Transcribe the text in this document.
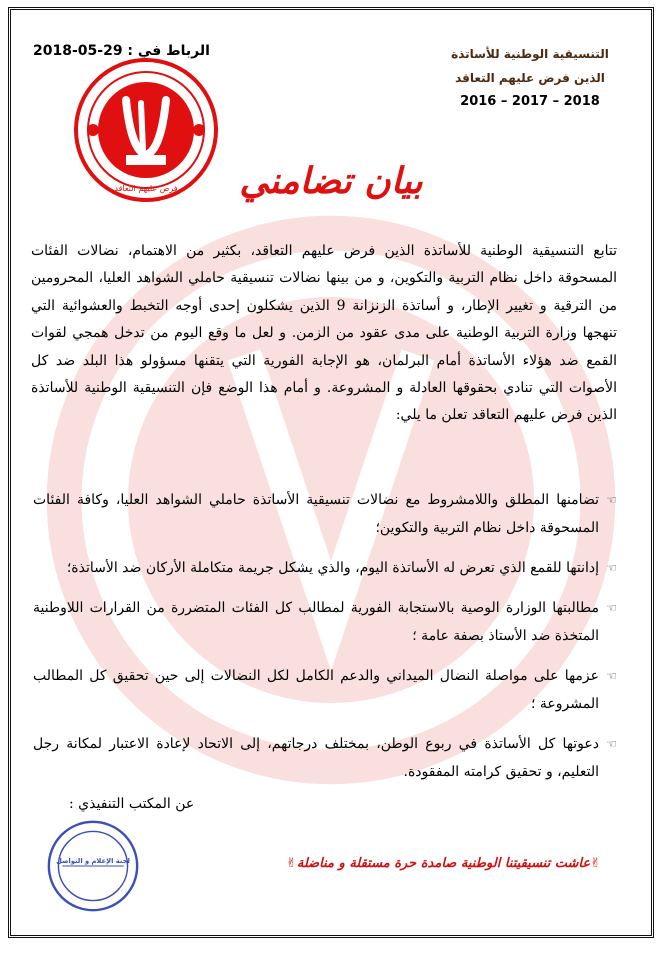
التنسيقية الوطنية للأساتذة
الذين فرض عليهم التعاقد
2016 – 2017 – 2018
الرباط في : 29-05-2018
فرض عليهم التعاقد	بيان تضامني
تتابع التنسيقية الوطنية للأساتذة الذين فرض عليهم التعاقد، بكثير من الاهتمام، نضالات الفئات المسحوقة داخل نظام التربية والتكوين، و من بينها نضالات تنسيقية حاملي الشواهد العليا، المحرومين من الترقية و تغيير الإطار، و أساتذة الزنزانة 9 الذين يشكلون إحدى أوجه التخبط والعشوائية التي تنهجها وزارة التربية الوطنية على مدى عقود من الزمن. و لعل ما وقع اليوم من تدخل همجي لقوات القمع ضد هؤلاء الأساتذة أمام البرلمان، هو الإجابة الفورية التي يتقنها مسؤولو هذا البلد ضد كل الأصوات التي تنادي بحقوقها العادلة و المشروعة. و أمام هذا الوضع فإن التنسيقية الوطنية للأساتذة الذين فرض عليهم التعاقد تعلن ما يلي:
☜
تضامنها المطلق واللامشروط مع نضالات تنسيقية الأساتذة حاملي الشواهد العليا، وكافة الفئات المسحوقة داخل نظام التربية والتكوين؛
☜
إدانتها للقمع الذي تعرض له الأساتذة اليوم، والذي يشكل جريمة متكاملة الأركان ضد الأساتذة؛
☜
مطالبتها الوزارة الوصية بالاستجابة الفورية لمطالب كل الفئات المتضررة من القرارات اللاوطنية المتخذة ضد الأستاذ بصفة عامة ؛
☜
عزمها على مواصلة النضال الميداني والدعم الكامل لكل النضالات إلى حين تحقيق كل المطالب المشروعة ؛
☜
دعوتها كل الأساتذة في ربوع الوطن، بمختلف درجاتهم، إلى الاتحاد لإعادة الاعتبار لمكانة رجل التعليم، و تحقيق كرامته المفقودة.
عن المكتب التنفيذي :
لجنة الإعلام و التواصل	✌عاشت تنسيقيتنا الوطنية صامدة حرة مستقلة و مناضلة✌
